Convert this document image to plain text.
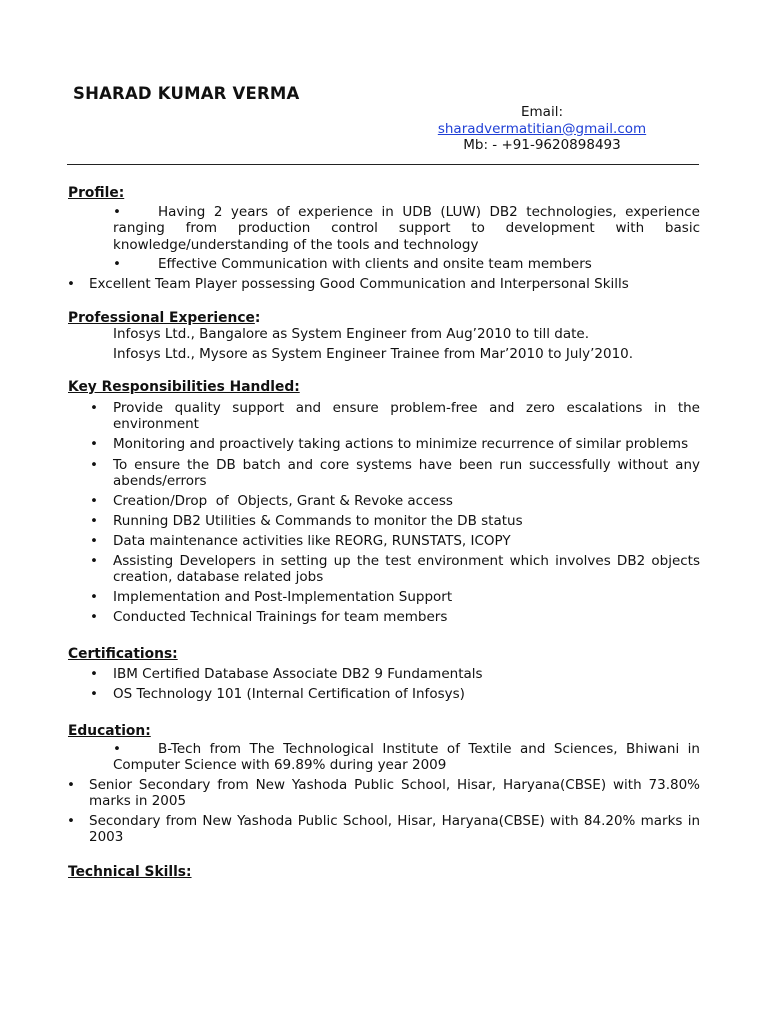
SHARAD KUMAR VERMA
Email:
sharadvermatitian@gmail.com
Mb: - +91-9620898493
Profile:
•	Having 2 years of experience in UDB (LUW) DB2 technologies, experience ranging from production control support to development with basic knowledge/understanding of the tools and technology
•	Effective Communication with clients and onsite team members
•	Excellent Team Player possessing Good Communication and Interpersonal Skills
Professional Experience:
Infosys Ltd., Bangalore as System Engineer from Aug’2010 to till date.
Infosys Ltd., Mysore as System Engineer Trainee from Mar’2010 to July’2010.
Key Responsibilities Handled:
•	Provide quality support and ensure problem-free and zero escalations in the environment
•	Monitoring and proactively taking actions to minimize recurrence of similar problems
•	To ensure the DB batch and core systems have been run successfully without any abends/errors
•	Creation/Drop  of  Objects, Grant & Revoke access
•	Running DB2 Utilities & Commands to monitor the DB status
•	Data maintenance activities like REORG, RUNSTATS, ICOPY
•	Assisting Developers in setting up the test environment which involves DB2 objects creation, database related jobs
•	Implementation and Post-Implementation Support
•	Conducted Technical Trainings for team members
Certifications:
•	IBM Certified Database Associate DB2 9 Fundamentals
•	OS Technology 101 (Internal Certification of Infosys)
Education:
•	B-Tech from The Technological Institute of Textile and Sciences, Bhiwani in Computer Science with 69.89% during year 2009
•	Senior Secondary from New Yashoda Public School, Hisar, Haryana(CBSE) with 73.80% marks in 2005
•	Secondary from New Yashoda Public School, Hisar, Haryana(CBSE) with 84.20% marks in 2003
Technical Skills:
